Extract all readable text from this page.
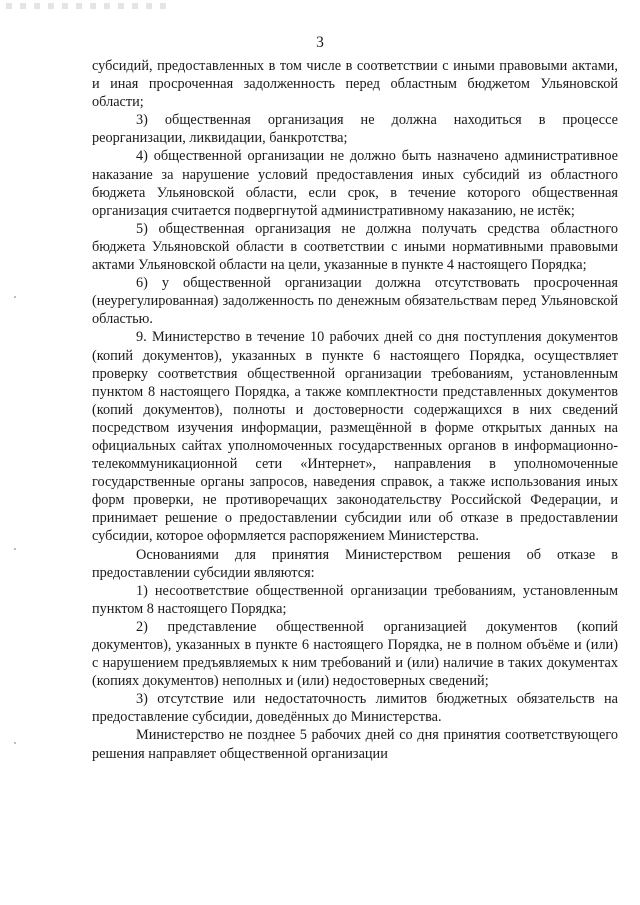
3

субсидий, предоставленных в том числе в соответствии с иными правовыми актами, и иная просроченная задолженность перед областным бюджетом Ульяновской области;

3) общественная организация не должна находиться в процессе реорганизации, ликвидации, банкротства;

4) общественной организации не должно быть назначено административное наказание за нарушение условий предоставления иных субсидий из областного бюджета Ульяновской области, если срок, в течение которого общественная организация считается подвергнутой административному наказанию, не истёк;

5) общественная организация не должна получать средства областного бюджета Ульяновской области в соответствии с иными нормативными правовыми актами Ульяновской области на цели, указанные в пункте 4 настоящего Порядка;

6) у общественной организации должна отсутствовать просроченная (неурегулированная) задолженность по денежным обязательствам перед Ульяновской областью.

9. Министерство в течение 10 рабочих дней со дня поступления документов (копий документов), указанных в пункте 6 настоящего Порядка, осуществляет проверку соответствия общественной организации требованиям, установленным пунктом 8 настоящего Порядка, а также комплектности представленных документов (копий документов), полноты и достоверности содержащихся в них сведений посредством изучения информации, размещённой в форме открытых данных на официальных сайтах уполномоченных государственных органов в информационно-телекоммуникационной сети «Интернет», направления в уполномоченные государственные органы запросов, наведения справок, а также использования иных форм проверки, не противоречащих законодательству Российской Федерации, и принимает решение о предоставлении субсидии или об отказе в предоставлении субсидии, которое оформляется распоряжением Министерства.

Основаниями для принятия Министерством решения об отказе в предоставлении субсидии являются:

1) несоответствие общественной организации требованиям, установленным пунктом 8 настоящего Порядка;

2) представление общественной организацией документов (копий документов), указанных в пункте 6 настоящего Порядка, не в полном объёме и (или) с нарушением предъявляемых к ним требований и (или) наличие в таких документах (копиях документов) неполных и (или) недостоверных сведений;

3) отсутствие или недостаточность лимитов бюджетных обязательств на предоставление субсидии, доведённых до Министерства.

Министерство не позднее 5 рабочих дней со дня принятия соответствующего решения направляет общественной организации
